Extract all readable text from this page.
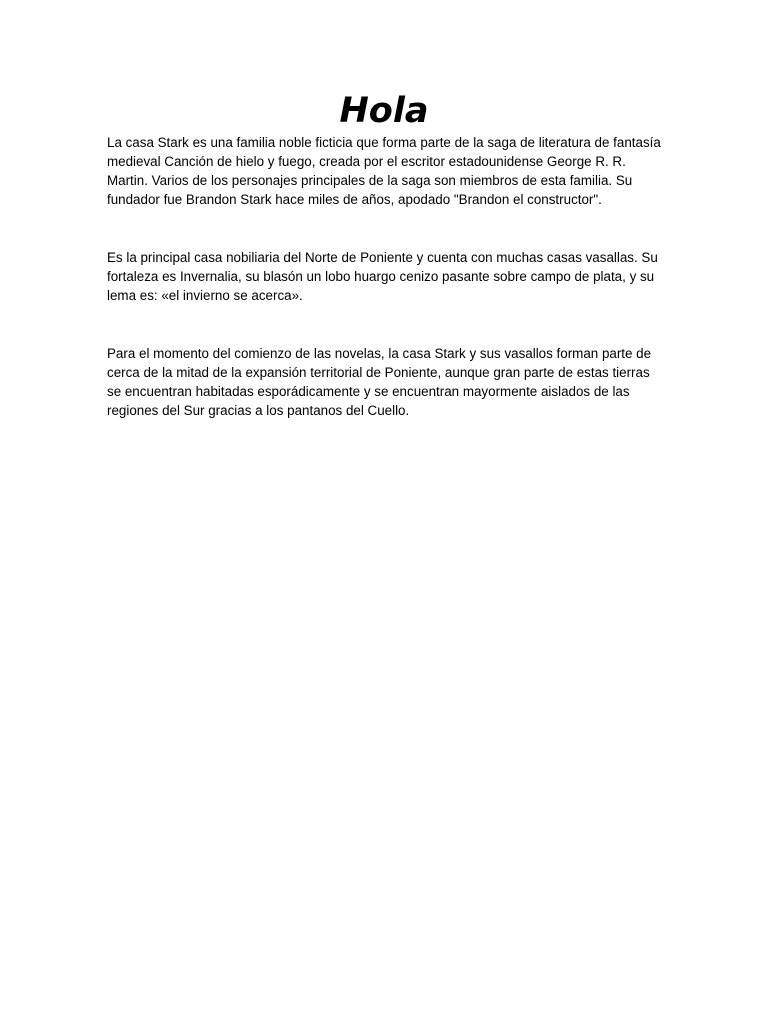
Hola

La casa Stark es una familia noble ficticia que forma parte de la saga de literatura de fantasía medieval Canción de hielo y fuego, creada por el escritor estadounidense George R. R. Martin. Varios de los personajes principales de la saga son miembros de esta familia. Su fundador fue Brandon Stark hace miles de años, apodado "Brandon el constructor".

Es la principal casa nobiliaria del Norte de Poniente y cuenta con muchas casas vasallas. Su fortaleza es Invernalia, su blasón un lobo huargo cenizo pasante sobre campo de plata, y su lema es: «el invierno se acerca».

Para el momento del comienzo de las novelas, la casa Stark y sus vasallos forman parte de cerca de la mitad de la expansión territorial de Poniente, aunque gran parte de estas tierras se encuentran habitadas esporádicamente y se encuentran mayormente aislados de las regiones del Sur gracias a los pantanos del Cuello.
